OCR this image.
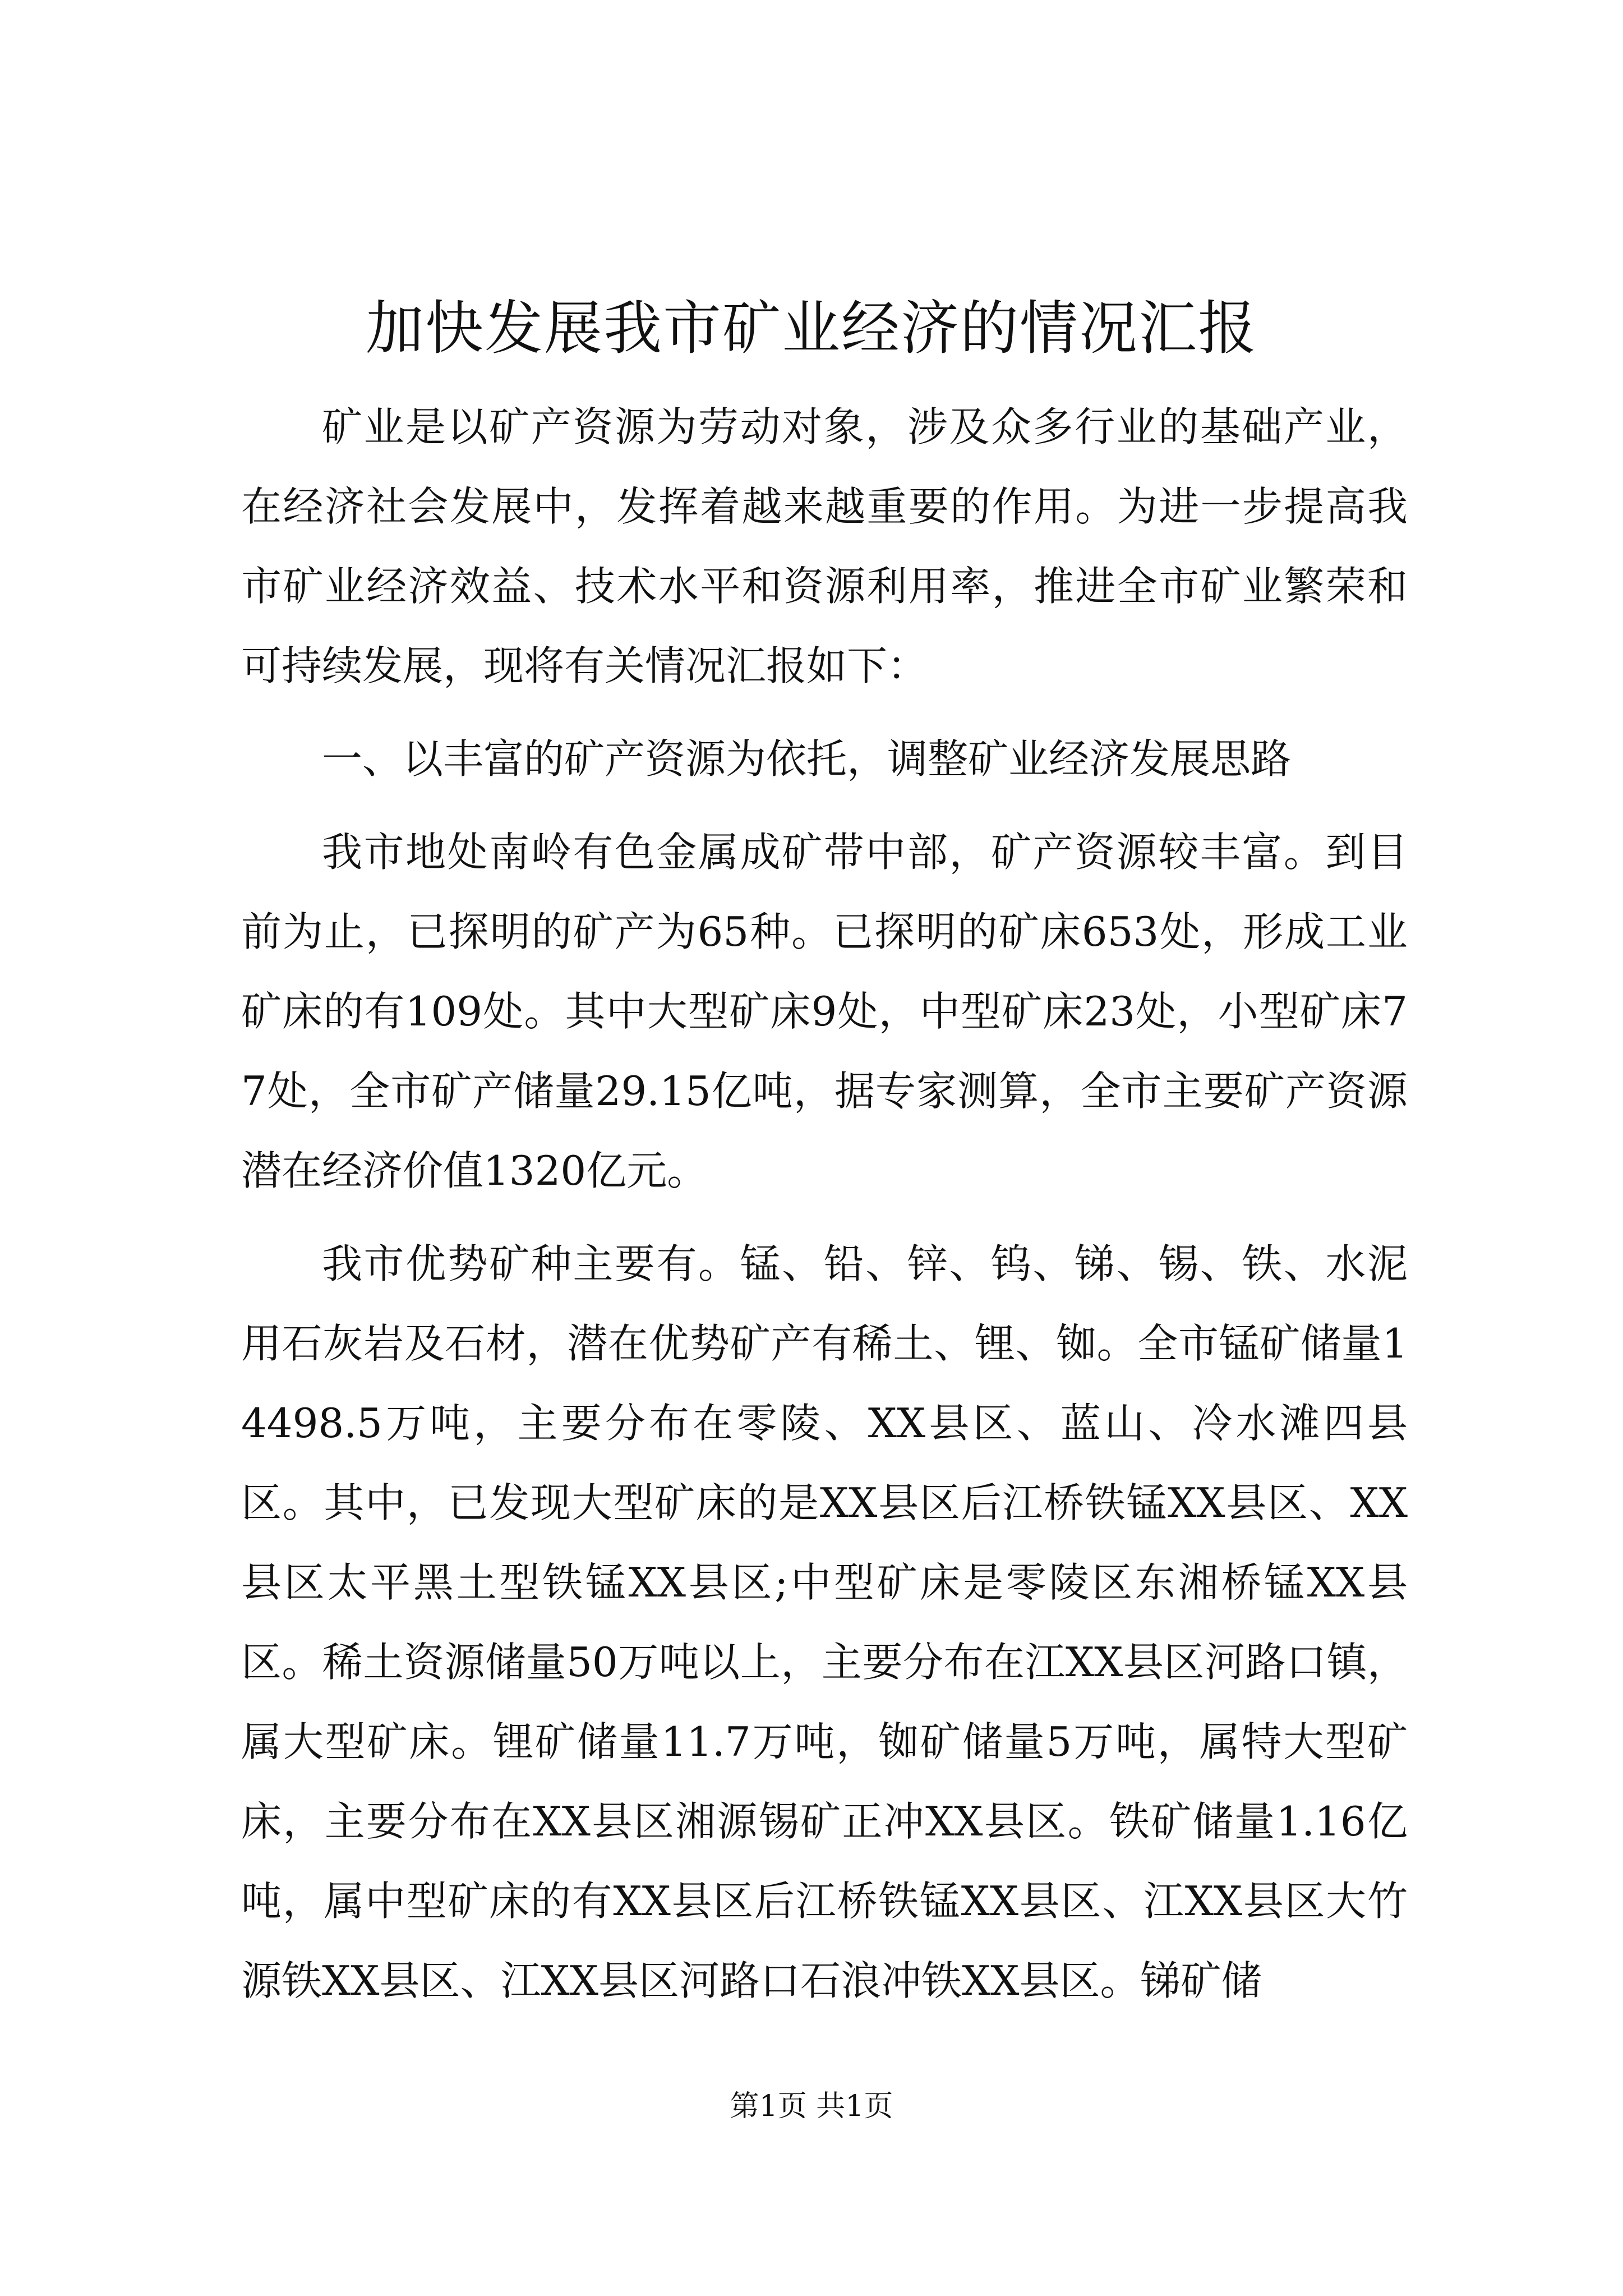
加快发展我市矿业经济的情况汇报

矿业是以矿产资源为劳动对象，涉及众多行业的基础产业，在经济社会发展中，发挥着越来越重要的作用。为进一步提高我市矿业经济效益、技术水平和资源利用率，推进全市矿业繁荣和可持续发展，现将有关情况汇报如下：

一、以丰富的矿产资源为依托，调整矿业经济发展思路

我市地处南岭有色金属成矿带中部，矿产资源较丰富。到目前为止，已探明的矿产为65种。已探明的矿床653处，形成工业矿床的有109处。其中大型矿床9处，中型矿床23处，小型矿床77处，全市矿产储量29.15亿吨，据专家测算，全市主要矿产资源潜在经济价值1320亿元。

我市优势矿种主要有。锰、铅、锌、钨、锑、锡、铁、水泥用石灰岩及石材，潜在优势矿产有稀土、锂、铷。全市锰矿储量14498.5万吨，主要分布在零陵、XX县区、蓝山、冷水滩四县区。其中，已发现大型矿床的是XX县区后江桥铁锰XX县区、XX县区太平黑土型铁锰XX县区;中型矿床是零陵区东湘桥锰XX县区。稀土资源储量50万吨以上，主要分布在江XX县区河路口镇，属大型矿床。锂矿储量11.7万吨，铷矿储量5万吨，属特大型矿床，主要分布在XX县区湘源锡矿正冲XX县区。铁矿储量1.16亿吨，属中型矿床的有XX县区后江桥铁锰XX县区、江XX县区大竹源铁XX县区、江XX县区河路口石浪冲铁XX县区。锑矿储

第1页 共1页
